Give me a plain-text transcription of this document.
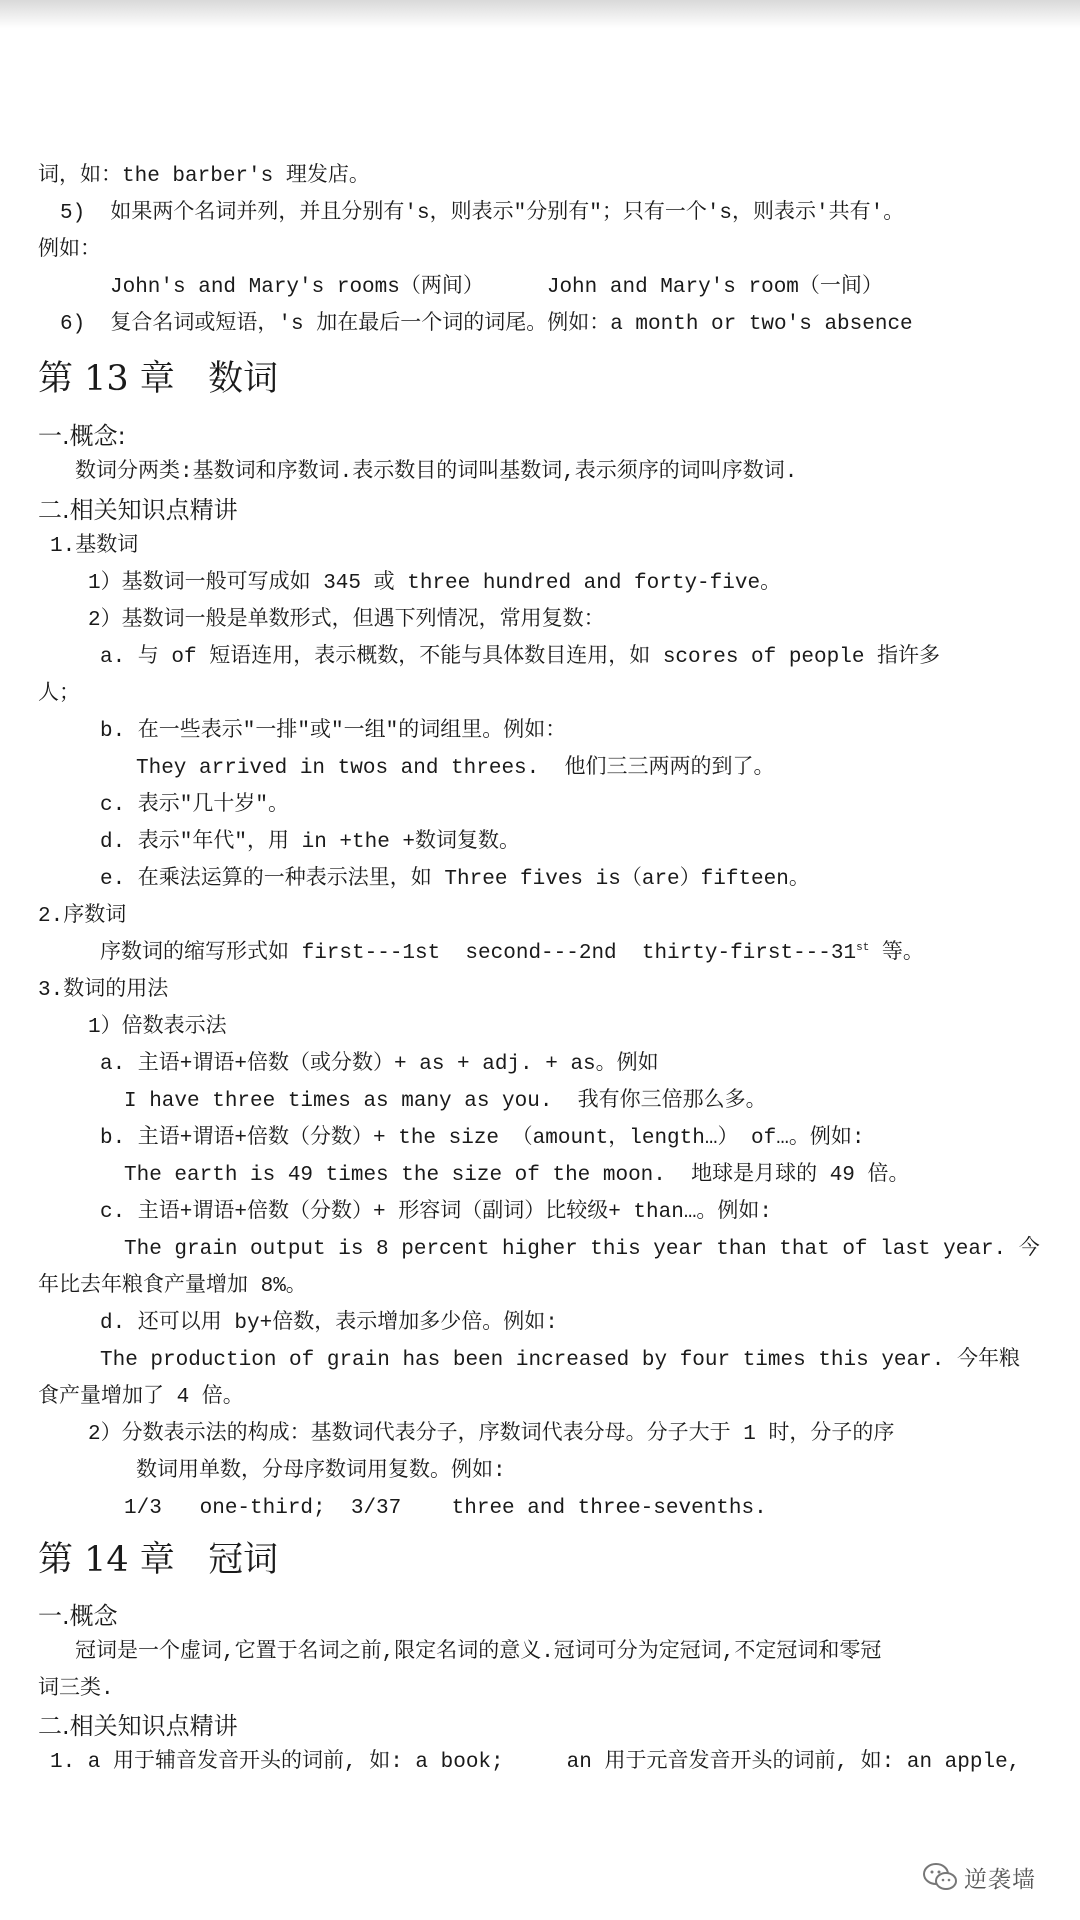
词，如：the barber's 理发店。
5)  如果两个名词并列，并且分别有's，则表示"分别有"；只有一个's，则表示'共有'。
例如：
John's and Mary's rooms（两间）     John and Mary's room（一间）
6)  复合名词或短语，'s 加在最后一个词的词尾。例如：a month or two's absence
第 13 章   数词
一.概念:
数词分两类:基数词和序数词.表示数目的词叫基数词,表示须序的词叫序数词.
二.相关知识点精讲
1.基数词
1）基数词一般可写成如 345 或 three hundred and forty-five。
2）基数词一般是单数形式，但遇下列情况，常用复数：
a. 与 of 短语连用，表示概数，不能与具体数目连用，如 scores of people 指许多
人；
b. 在一些表示"一排"或"一组"的词组里。例如：
They arrived in twos and threes.  他们三三两两的到了。
c. 表示"几十岁"。
d. 表示"年代"，用 in +the +数词复数。
e. 在乘法运算的一种表示法里，如 Three fives is（are）fifteen。
2.序数词
序数词的缩写形式如 first---1st  second---2nd  thirty-first---31st 等。
3.数词的用法
1）倍数表示法
a. 主语+谓语+倍数（或分数）+ as + adj. + as。例如
I have three times as many as you.  我有你三倍那么多。
b. 主语+谓语+倍数（分数）+ the size （amount，length…） of…。例如:
The earth is 49 times the size of the moon.  地球是月球的 49 倍。
c. 主语+谓语+倍数（分数）+ 形容词（副词）比较级+ than…。例如:
The grain output is 8 percent higher this year than that of last year. 今
年比去年粮食产量增加 8%。
d. 还可以用 by+倍数，表示增加多少倍。例如:
The production of grain has been increased by four times this year. 今年粮
食产量增加了 4 倍。
2）分数表示法的构成：基数词代表分子，序数词代表分母。分子大于 1 时，分子的序
数词用单数，分母序数词用复数。例如:
1/3   one-third;  3/37    three and three-sevenths.
第 14 章   冠词
一.概念
冠词是一个虚词,它置于名词之前,限定名词的意义.冠词可分为定冠词,不定冠词和零冠
词三类.
二.相关知识点精讲
1. a 用于辅音发音开头的词前, 如: a book;     an 用于元音发音开头的词前, 如: an apple,
逆袭墙
